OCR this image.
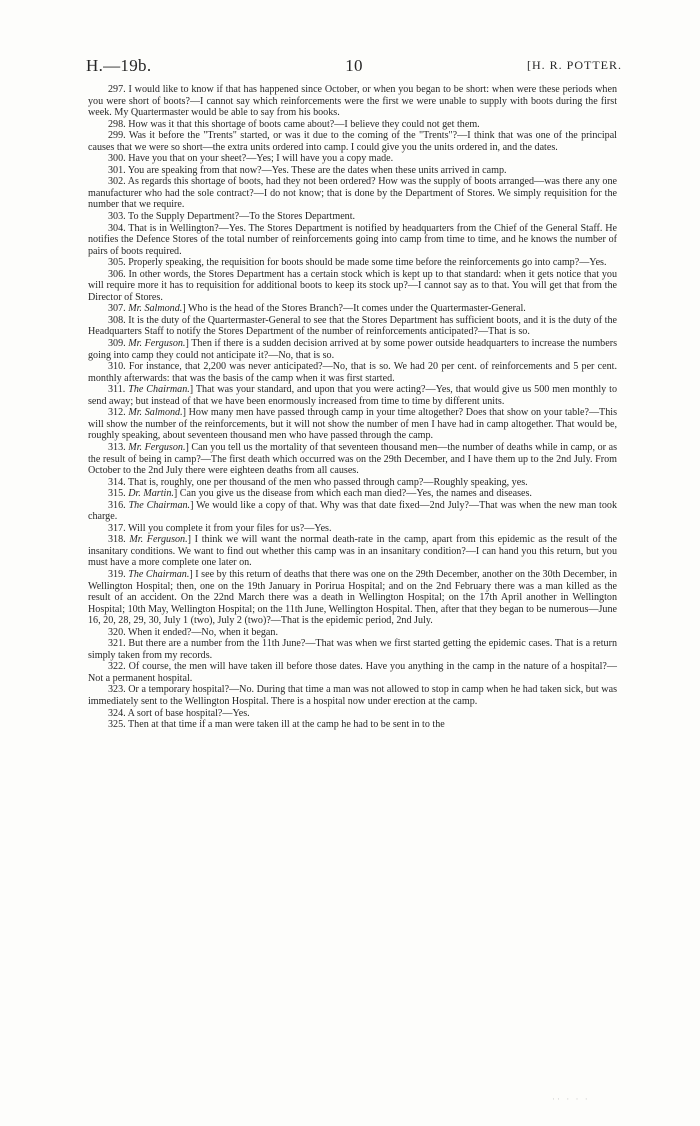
H.—19b.	10	[H. R. POTTER.

297. I would like to know if that has happened since October, or when you began to be short: when were these periods when you were short of boots?—I cannot say which reinforcements were the first we were unable to supply with boots during the first week. My Quartermaster would be able to say from his books.

298. How was it that this shortage of boots came about?—I believe they could not get them.

299. Was it before the "Trents" started, or was it due to the coming of the "Trents"?—I think that was one of the principal causes that we were so short—the extra units ordered into camp. I could give you the units ordered in, and the dates.

300. Have you that on your sheet?—Yes; I will have you a copy made.

301. You are speaking from that now?—Yes. These are the dates when these units arrived in camp.

302. As regards this shortage of boots, had they not been ordered? How was the supply of boots arranged—was there any one manufacturer who had the sole contract?—I do not know; that is done by the Department of Stores. We simply requisition for the number that we require.

303. To the Supply Department?—To the Stores Department.

304. That is in Wellington?—Yes. The Stores Department is notified by headquarters from the Chief of the General Staff. He notifies the Defence Stores of the total number of reinforcements going into camp from time to time, and he knows the number of pairs of boots required.

305. Properly speaking, the requisition for boots should be made some time before the reinforcements go into camp?—Yes.

306. In other words, the Stores Department has a certain stock which is kept up to that standard: when it gets notice that you will require more it has to requisition for additional boots to keep its stock up?—I cannot say as to that. You will get that from the Director of Stores.

307. Mr. Salmond.] Who is the head of the Stores Branch?—It comes under the Quartermaster-General.

308. It is the duty of the Quartermaster-General to see that the Stores Department has sufficient boots, and it is the duty of the Headquarters Staff to notify the Stores Department of the number of reinforcements anticipated?—That is so.

309. Mr. Ferguson.] Then if there is a sudden decision arrived at by some power outside headquarters to increase the numbers going into camp they could not anticipate it?—No, that is so.

310. For instance, that 2,200 was never anticipated?—No, that is so. We had 20 per cent. of reinforcements and 5 per cent. monthly afterwards: that was the basis of the camp when it was first started.

311. The Chairman.] That was your standard, and upon that you were acting?—Yes, that would give us 500 men monthly to send away; but instead of that we have been enormously increased from time to time by different units.

312. Mr. Salmond.] How many men have passed through camp in your time altogether? Does that show on your table?—This will show the number of the reinforcements, but it will not show the number of men I have had in camp altogether. That would be, roughly speaking, about seventeen thousand men who have passed through the camp.

313. Mr. Ferguson.] Can you tell us the mortality of that seventeen thousand men—the number of deaths while in camp, or as the result of being in camp?—The first death which occurred was on the 29th December, and I have them up to the 2nd July. From October to the 2nd July there were eighteen deaths from all causes.

314. That is, roughly, one per thousand of the men who passed through camp?—Roughly speaking, yes.

315. Dr. Martin.] Can you give us the disease from which each man died?—Yes, the names and diseases.

316. The Chairman.] We would like a copy of that. Why was that date fixed—2nd July?—That was when the new man took charge.

317. Will you complete it from your files for us?—Yes.

318. Mr. Ferguson.] I think we will want the normal death-rate in the camp, apart from this epidemic as the result of the insanitary conditions. We want to find out whether this camp was in an insanitary condition?—I can hand you this return, but you must have a more complete one later on.

319. The Chairman.] I see by this return of deaths that there was one on the 29th December, another on the 30th December, in Wellington Hospital; then, one on the 19th January in Porirua Hospital; and on the 2nd February there was a man killed as the result of an accident. On the 22nd March there was a death in Wellington Hospital; on the 17th April another in Wellington Hospital; 10th May, Wellington Hospital; on the 11th June, Wellington Hospital. Then, after that they began to be numerous—June 16, 20, 28, 29, 30, July 1 (two), July 2 (two)?—That is the epidemic period, 2nd July.

320. When it ended?—No, when it began.

321. But there are a number from the 11th June?—That was when we first started getting the epidemic cases. That is a return simply taken from my records.

322. Of course, the men will have taken ill before those dates. Have you anything in the camp in the nature of a hospital?—Not a permanent hospital.

323. Or a temporary hospital?—No. During that time a man was not allowed to stop in camp when he had taken sick, but was immediately sent to the Wellington Hospital. There is a hospital now under erection at the camp.

324. A sort of base hospital?—Yes.

325. Then at that time if a man were taken ill at the camp he had to be sent in to the

·· · · ·
